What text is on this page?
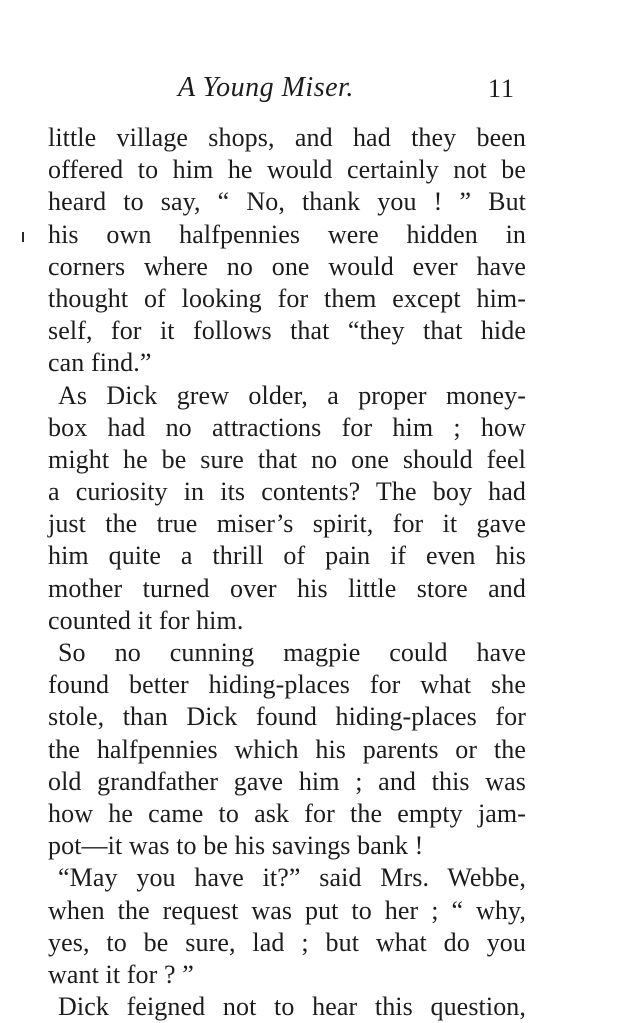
A Young Miser.	11
little village shops, and had they been
offered to him he would certainly not be
heard to say, “ No, thank you ! ” But
his own halfpennies were hidden in
corners where no one would ever have
thought of looking for them except him-
self, for it follows that “they that hide
can find.”
As Dick grew older, a proper money-
box had no attractions for him ; how
might he be sure that no one should feel
a curiosity in its contents? The boy had
just the true miser’s spirit, for it gave
him quite a thrill of pain if even his
mother turned over his little store and
counted it for him.
So no cunning magpie could have
found better hiding-places for what she
stole, than Dick found hiding-places for
the halfpennies which his parents or the
old grandfather gave him ; and this was
how he came to ask for the empty jam-
pot—it was to be his savings bank !
“May you have it?” said Mrs. Webbe,
when the request was put to her ; “ why,
yes, to be sure, lad ; but what do you
want it for ? ”
Dick feigned not to hear this question,
